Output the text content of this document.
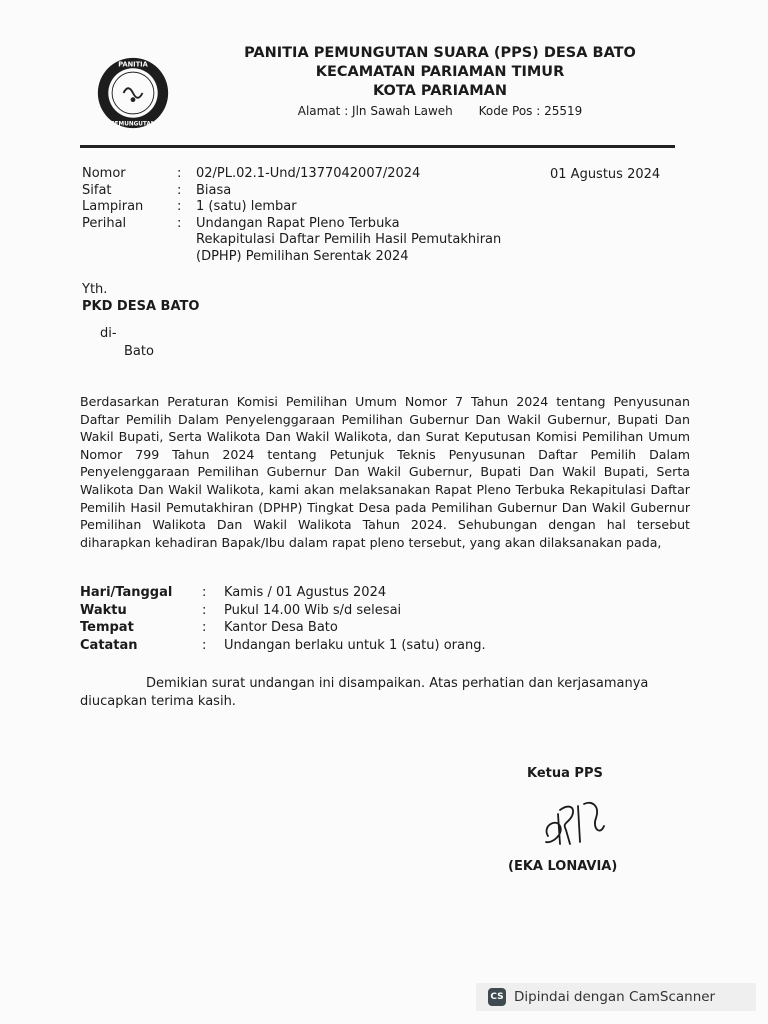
PANITIA
PEMUNGUTAN
PANITIA PEMUNGUTAN SUARA (PPS) DESA BATO
KECAMATAN PARIAMAN TIMUR
KOTA PARIAMAN
Alamat : Jln Sawah Laweh Kode Pos : 25519
Nomor	: 02/PL.02.1-Und/1377042007/2024
Sifat	: Biasa
Lampiran	: 1 (satu) lembar
Perihal	: Undangan Rapat Pleno Terbuka
Rekapitulasi Daftar Pemilih Hasil Pemutakhiran
(DPHP) Pemilihan Serentak 2024
01 Agustus 2024
Yth.
PKD DESA BATO
di-
Bato
Berdasarkan Peraturan Komisi Pemilihan Umum Nomor 7 Tahun 2024 tentang Penyusunan Daftar Pemilih Dalam Penyelenggaraan Pemilihan Gubernur Dan Wakil Gubernur, Bupati Dan Wakil Bupati, Serta Walikota Dan Wakil Walikota, dan Surat Keputusan Komisi Pemilihan Umum Nomor 799 Tahun 2024 tentang Petunjuk Teknis Penyusunan Daftar Pemilih Dalam Penyelenggaraan Pemilihan Gubernur Dan Wakil Gubernur, Bupati Dan Wakil Bupati, Serta Walikota Dan Wakil Walikota, kami akan melaksanakan Rapat Pleno Terbuka Rekapitulasi Daftar Pemilih Hasil Pemutakhiran (DPHP) Tingkat Desa pada Pemilihan Gubernur Dan Wakil Gubernur Pemilihan Walikota Dan Wakil Walikota Tahun 2024. Sehubungan dengan hal tersebut diharapkan kehadiran Bapak/Ibu dalam rapat pleno tersebut, yang akan dilaksanakan pada,
Hari/Tanggal : Kamis / 01 Agustus 2024
Waktu	: Pukul 14.00 Wib s/d selesai
Tempat	: Kantor Desa Bato
Catatan	: Undangan berlaku untuk 1 (satu) orang.
Demikian surat undangan ini disampaikan. Atas perhatian dan kerjasamanya
diucapkan terima kasih.
Ketua PPS
(EKA LONAVIA)
CS Dipindai dengan CamScanner
